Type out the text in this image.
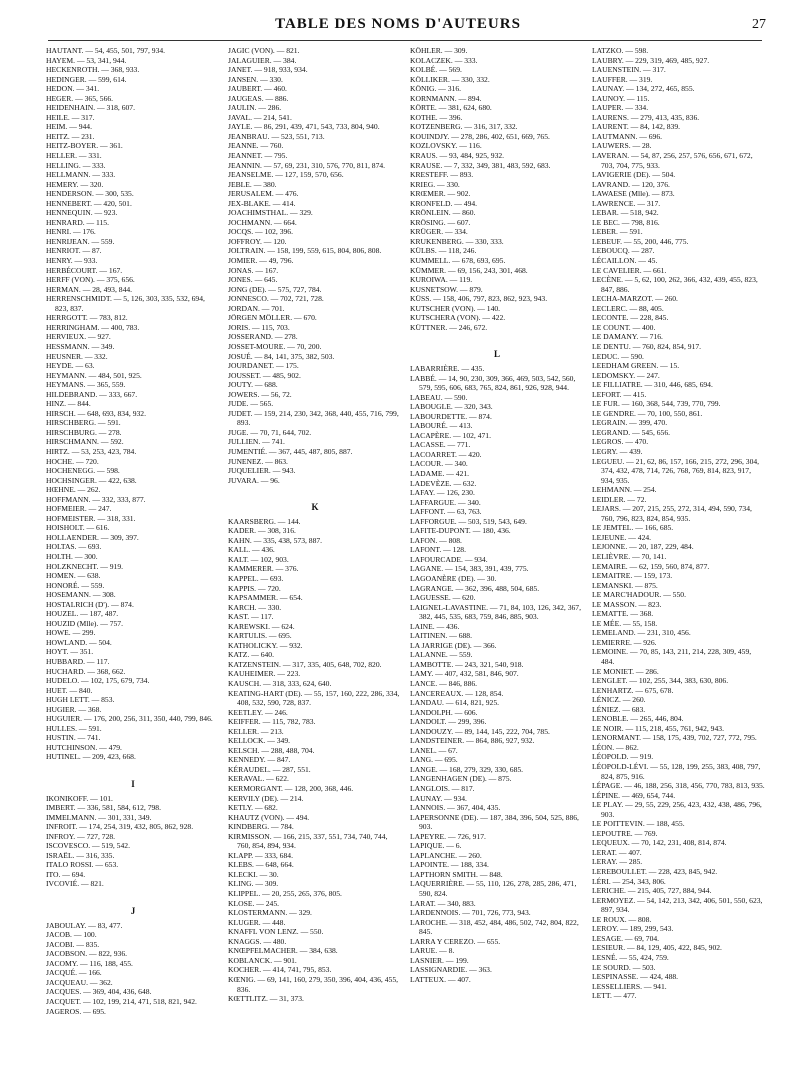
TABLE DES NOMS D'AUTEURS	27
HAUTANT. — 54, 455, 501, 797, 934.
HAYEM. — 53, 341, 944.
HECKENROTH. — 368, 933.
HEDINGER. — 599, 614.
HEDON. — 341.
HEGER. — 365, 566.
HEIDENHAIN. — 318, 607.
HEILE. — 317.
HEIM. — 944.
HEITZ. — 231.
HEITZ-BOYER. — 361.
HELLER. — 331.
HELLING. — 333.
HELLMANN. — 333.
HEMERY. — 320.
HENDERSON. — 300, 535.
HENNEBERT. — 420, 501.
HENNEQUIN. — 923.
HENRARD. — 115.
HENRI. — 176.
HENRIJEAN. — 559.
HENRIOT. — 87.
HENRY. — 933.
HERBÉCOURT. — 167.
HERFF (VON). — 375, 656.
HERMAN. — 28, 493, 844.
HERRENSCHMIDT. — 5, 126, 303, 335, 532, 694, 823, 837.
HERRGOTT. — 783, 812.
HERRINGHAM. — 400, 783.
HERVIEUX. — 927.
HESSMANN. — 349.
HEUSNER. — 332.
HEYDE. — 63.
HEYMANN. — 484, 501, 925.
HEYMANS. — 365, 559.
HILDEBRAND. — 333, 667.
HINZ. — 844.
HIRSCH. — 648, 693, 834, 932.
HIRSCHBERG. — 591.
HIRSCHBURG. — 278.
HIRSCHMANN. — 592.
HIRTZ. — 53, 253, 423, 784.
HOCHE. — 720.
HOCHENEGG. — 598.
HOCHSINGER. — 422, 638.
HŒHNE. — 262.
HOFFMANN. — 332, 333, 877.
HOFMEIER. — 247.
HOFMEISTER. — 318, 331.
HOISHOLT. — 616.
HOLLAENDER. — 309, 397.
HOLTAS. — 693.
HOLTH. — 300.
HOLZKNECHT. — 919.
HOMEN. — 638.
HONORÉ. — 559.
HOSEMANN. — 308.
HOSTALRICH (D'). — 874.
HOUZEL. — 187, 487.
HOUZID (Mlle). — 757.
HOWE. — 299.
HOWLAND. — 504.
HOYT. — 351.
HUBBARD. — 117.
HUCHARD. — 368, 662.
HUDELO. — 102, 175, 679, 734.
HUET. — 840.
HUGH LETT. — 853.
HUGIER. — 368.
HUGUIER. — 176, 200, 256, 311, 350, 440, 799, 846.
HULLES. — 591.
HUSTIN. — 741.
HUTCHINSON. — 479.
HUTINEL. — 209, 423, 668.
I
IKONIKOFF. — 101.
IMBERT. — 336, 581, 584, 612, 798.
IMMELMANN. — 301, 331, 349.
INFROIT. — 174, 254, 319, 432, 805, 862, 928.
INFROY. — 727, 728.
ISCOVESCO. — 519, 542.
ISRAËL. — 316, 335.
ITALO ROSSI. — 653.
ITO. — 694.
IVCOVIÉ. — 821.
J
JABOULAY. — 83, 477.
JACOB. — 100.
JACOBI. — 835.
JACOBSON. — 822, 936.
JACOMY. — 116, 188, 455.
JACQUÉ. — 166.
JACQUEAU. — 362.
JACQUES. — 369, 404, 436, 648.
JACQUET. — 102, 199, 214, 471, 518, 821, 942.
JAGEROS. — 695.
JAGIC (VON). — 821.
JALAGUIER. — 384.
JANET. — 918, 933, 934.
JANSEN. — 330.
JAUBERT. — 460.
JAUGEAS. — 886.
JAULIN. — 286.
JAVAL. — 214, 541.
JAYLE. — 86, 291, 439, 471, 543, 733, 804, 940.
JEANBRAU. — 523, 551, 713.
JEANNE. — 760.
JEANNET. — 795.
JEANNIN. — 57, 69, 231, 310, 576, 770, 811, 874.
JEANSELME. — 127, 159, 570, 656.
JEBLE. — 380.
JERUSALEM. — 476.
JEX-BLAKE. — 414.
JOACHIMSTHAL. — 329.
JOCHMANN. — 664.
JOCQS. — 102, 396.
JOFFROY. — 120.
JOLTRAIN. — 158, 199, 559, 615, 804, 806, 808.
JOMIER. — 49, 796.
JONAS. — 167.
JONES. — 645.
JONG (DE). — 575, 727, 784.
JONNESCO. — 702, 721, 728.
JORDAN. — 701.
JÖRGEN MÖLLER. — 670.
JORIS. — 115, 703.
JOSSERAND. — 278.
JOSSET-MOURE. — 70, 200.
JOSUÉ. — 84, 141, 375, 382, 503.
JOURDANET. — 175.
JOUSSET. — 485, 902.
JOUTY. — 688.
JOWERS. — 56, 72.
JUDE. — 565.
JUDET. — 159, 214, 230, 342, 368, 440, 455, 716, 799, 893.
JUGE. — 70, 71, 644, 702.
JULLIEN. — 741.
JUMENTIÉ. — 367, 445, 487, 805, 887.
JUNENEZ. — 863.
JUQUELIER. — 943.
JUVARA. — 96.
K
KAARSBERG. — 144.
KADER. — 308, 316.
KAHN. — 335, 438, 573, 887.
KALL. — 436.
KALT. — 102, 903.
KAMMERER. — 376.
KAPPEL. — 693.
KAPPIS. — 720.
KAPSAMMER. — 654.
KARCH. — 330.
KAST. — 117.
KAREWSKI. — 624.
KARTULIS. — 695.
KATHOLICKY. — 932.
KATZ. — 640.
KATZENSTEIN. — 317, 335, 405, 648, 702, 820.
KAUHEIMER. — 223.
KAUSCH. — 318, 333, 624, 640.
KEATING-HART (DE). — 55, 157, 160, 222, 286, 334, 408, 532, 590, 728, 837.
KEETLEY. — 246.
KEIFFER. — 115, 782, 783.
KELLER. — 213.
KELLOCK. — 349.
KELSCH. — 288, 488, 704.
KENNEDY. — 847.
KÉRAUDEL. — 287, 551.
KERAVAL. — 622.
KERMORGANT. — 128, 200, 368, 446.
KERVILY (DE). — 214.
KETLY. — 682.
KHAUTZ (VON). — 494.
KINDBERG. — 784.
KIRMISSON. — 166, 215, 337, 551, 734, 740, 744, 760, 854, 894, 934.
KLAPP. — 333, 684.
KLEBS. — 648, 664.
KLECKI. — 30.
KLING. — 309.
KLIPPEL. — 20, 255, 265, 376, 805.
KLOSE. — 245.
KLOSTERMANN. — 329.
KLUGER. — 448.
KNAFFL VON LENZ. — 550.
KNAGGS. — 480.
KNŒPFELMACHER. — 384, 638.
KOBLANCK. — 901.
KOCHER. — 414, 741, 795, 853.
KŒNIG. — 69, 141, 160, 279, 350, 396, 404, 436, 455, 836.
KŒTTLITZ. — 31, 373.
KÖHLER. — 309.
KOLACZEK. — 333.
KOLBÉ. — 569.
KÖLLIKER. — 330, 332.
KÖNIG. — 316.
KORNMANN. — 894.
KÖRTE. — 381, 624, 680.
KOTHE. — 396.
KOTZENBERG. — 316, 317, 332.
KOUINDJY. — 278, 286, 402, 651, 669, 765.
KOZLOVSKY. — 116.
KRAUS. — 93, 484, 925, 932.
KRAUSE. — 7, 332, 349, 381, 483, 592, 683.
KRESTEFF. — 893.
KRIEG. — 330.
KRŒMER. — 902.
KRONFELD. — 494.
KRÖNLEIN. — 860.
KRÖSING. — 607.
KRÜGER. — 334.
KRUKENBERG. — 330, 333.
KÜLBS. — 118, 246.
KUMMELL. — 678, 693, 695.
KÜMMER. — 69, 156, 243, 301, 468.
KUROIWA. — 119.
KUSNETSOW. — 879.
KÜSS. — 158, 406, 797, 823, 862, 923, 943.
KUTSCHER (VON). — 140.
KUTSCHERA (VON). — 422.
KÜTTNER. — 246, 672.
L
LABARRIÈRE. — 435.
LABBÉ. — 14, 90, 230, 309, 366, 469, 503, 542, 560, 579, 595, 606, 683, 765, 824, 861, 926, 928, 944.
LABEAU. — 590.
LABOUGLE. — 320, 343.
LABOURDETTE. — 874.
LABOURÉ. — 413.
LACAPÈRE. — 102, 471.
LACASSE. — 771.
LACOARRET. — 420.
LACOUR. — 340.
LADAME. — 421.
LADEVÈZE. — 632.
LAFAY. — 126, 230.
LAFFARGUE. — 340.
LAFFONT. — 63, 763.
LAFFORGUE. — 503, 519, 543, 649.
LAFITE-DUPONT. — 180, 436.
LAFON. — 808.
LAFONT. — 128.
LAFOURCADE. — 934.
LAGANE. — 154, 383, 391, 439, 775.
LAGOANÈRE (DE). — 30.
LAGRANGE. — 362, 396, 488, 504, 685.
LAGUESSE. — 620.
LAIGNEL-LAVASTINE. — 71, 84, 103, 126, 342, 367, 382, 445, 535, 683, 759, 846, 885, 903.
LAINE. — 436.
LAITINEN. — 688.
LA JARRIGE (DE). — 366.
LALANNE. — 559.
LAMBOTTE. — 243, 321, 540, 918.
LAMY. — 407, 432, 581, 846, 907.
LANCE. — 846, 886.
LANCEREAUX. — 128, 854.
LANDAU. — 614, 821, 925.
LANDOLPH. — 606.
LANDOLT. — 299, 396.
LANDOUZY. — 89, 144, 145, 222, 704, 785.
LANDSTEINER. — 864, 886, 927, 932.
LANEL. — 67.
LANG. — 695.
LANGE. — 168, 279, 329, 330, 685.
LANGENHAGEN (DE). — 875.
LANGLOIS. — 817.
LAUNAY. — 934.
LANNOIS. — 367, 404, 435.
LAPERSONNE (DE). — 187, 384, 396, 504, 525, 886, 903.
LAPEYRE. — 726, 917.
LAPIQUE. — 6.
LAPLANCHE. — 260.
LAPOINTE. — 188, 334.
LAPTHORN SMITH. — 848.
LAQUERRIÈRE. — 55, 110, 126, 278, 285, 286, 471, 590, 824.
LARAT. — 340, 883.
LARDENNOIS. — 701, 726, 773, 943.
LAROCHE. — 318, 452, 484, 486, 502, 742, 804, 822, 845.
LARRA Y CEREZO. — 655.
LARUE. — 8.
LASNIER. — 199.
LASSIGNARDIE. — 363.
LATTEUX. — 407.
LATZKO. — 598.
LAUBRY. — 229, 319, 469, 485, 927.
LAUENSTEIN. — 317.
LAUFFER. — 319.
LAUNAY. — 134, 272, 465, 855.
LAUNOY. — 115.
LAUPER. — 334.
LAURENS. — 279, 413, 435, 836.
LAURENT. — 84, 142, 839.
LAUTMANN. — 696.
LAUWERS. — 28.
LAVERAN. — 54, 87, 256, 257, 576, 656, 671, 672, 703, 704, 775, 933.
LAVIGERIE (DE). — 504.
LAVRAND. — 120, 376.
LAWAESE (Mlle). — 873.
LAWRENCE. — 317.
LEBAR. — 518, 942.
LE BEC. — 798, 816.
LEBER. — 591.
LEBEUF. — 55, 200, 446, 775.
LEBOUCQ. — 287.
LÉCAILLON. — 45.
LE CAVELIER. — 661.
LECÈNE. — 5, 62, 100, 262, 366, 432, 439, 455, 823, 847, 886.
LECHA-MARZOT. — 260.
LECLERC. — 88, 405.
LECONTE. — 228, 845.
LE COUNT. — 400.
LE DAMANY. — 716.
LE DENTU. — 760, 824, 854, 917.
LEDUC. — 590.
LEEDHAM GREEN. — 15.
LEDOMSKY. — 247.
LE FILLIATRE. — 310, 446, 685, 694.
LEFORT. — 415.
LE FUR. — 160, 368, 544, 739, 770, 799.
LE GENDRE. — 70, 100, 550, 861.
LEGRAIN. — 399, 470.
LEGRAND. — 545, 656.
LEGROS. — 470.
LEGRY. — 439.
LEGUEU. — 21, 62, 86, 157, 166, 215, 272, 296, 304, 374, 432, 478, 714, 726, 768, 769, 814, 823, 917, 934, 935.
LEHMANN. — 254.
LEIDLER. — 72.
LEJARS. — 207, 215, 255, 272, 314, 494, 590, 734, 760, 796, 823, 824, 854, 935.
LE JEMTEL. — 166, 685.
LEJEUNE. — 424.
LEJONNE. — 20, 187, 229, 484.
LELIÈVRE. — 70, 141.
LEMAIRE. — 62, 159, 560, 874, 877.
LEMAITRE. — 159, 173.
LEMANSKI. — 875.
LE MARC'HADOUR. — 550.
LE MASSON. — 823.
LEMATTE. — 368.
LE MÉE. — 55, 158.
LEMELAND. — 231, 310, 456.
LEMIERRE. — 926.
LEMOINE. — 70, 85, 143, 211, 214, 228, 309, 459, 484.
LE MONIET. — 286.
LENGLET. — 102, 255, 344, 383, 630, 806.
LENHARTZ. — 675, 678.
LÉNICZ. — 260.
LÉNIEZ. — 683.
LENOBLE. — 265, 446, 804.
LE NOIR. — 115, 218, 455, 761, 942, 943.
LENORMANT. — 158, 175, 439, 702, 727, 772, 795.
LÉON. — 862.
LÉOPOLD. — 919.
LÉOPOLD-LÉVI. — 55, 128, 199, 255, 383, 408, 797, 824, 875, 916.
LÉPAGE. — 46, 188, 256, 318, 456, 770, 783, 813, 935.
LÉPINE. — 469, 654, 744.
LE PLAY. — 29, 55, 229, 256, 423, 432, 438, 486, 796, 903.
LE POITTEVIN. — 188, 455.
LEPOUTRE. — 769.
LEQUEUX. — 70, 142, 231, 408, 814, 874.
LERAT. — 407.
LERAY. — 285.
LEREBOULLET. — 228, 423, 845, 942.
LÉRI. — 254, 343, 806.
LERICHE. — 215, 405, 727, 884, 944.
LERMOYEZ. — 54, 142, 213, 342, 406, 501, 550, 623, 897, 934.
LE ROUX. — 808.
LEROY. — 189, 299, 543.
LESAGE. — 69, 704.
LESIEUR. — 84, 129, 405, 422, 845, 902.
LESNÉ. — 55, 424, 759.
LE SOURD. — 503.
LESPINASSE. — 424, 488.
LESSELLIERS. — 941.
LETT. — 477.
